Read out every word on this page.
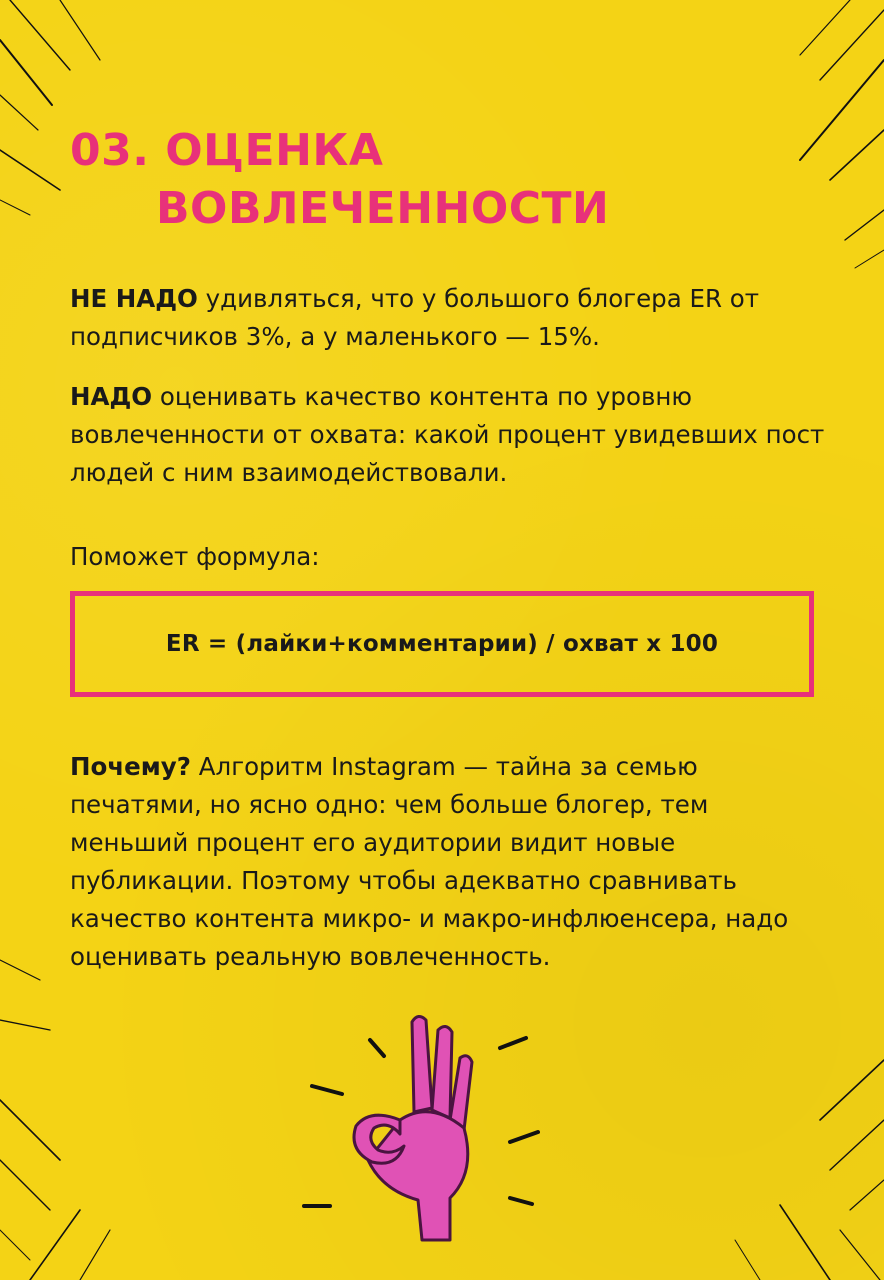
03. ОЦЕНКА
ВОВЛЕЧЕННОСТИ

НЕ НАДО удивляться, что у большого блогера ER от подписчиков 3%, а у маленького — 15%.

НАДО оценивать качество контента по уровню вовлеченности от охвата: какой процент увидевших пост людей с ним взаимодействовали.

Поможет формула:

ER = (лайки+комментарии) / охват х 100

Почему? Алгоритм Instagram — тайна за семью печатями, но ясно одно: чем больше блогер, тем меньший процент его аудитории видит новые публикации. Поэтому чтобы адекватно сравнивать качество контента микро- и макро-инфлюенсера, надо оценивать реальную вовлеченность.
